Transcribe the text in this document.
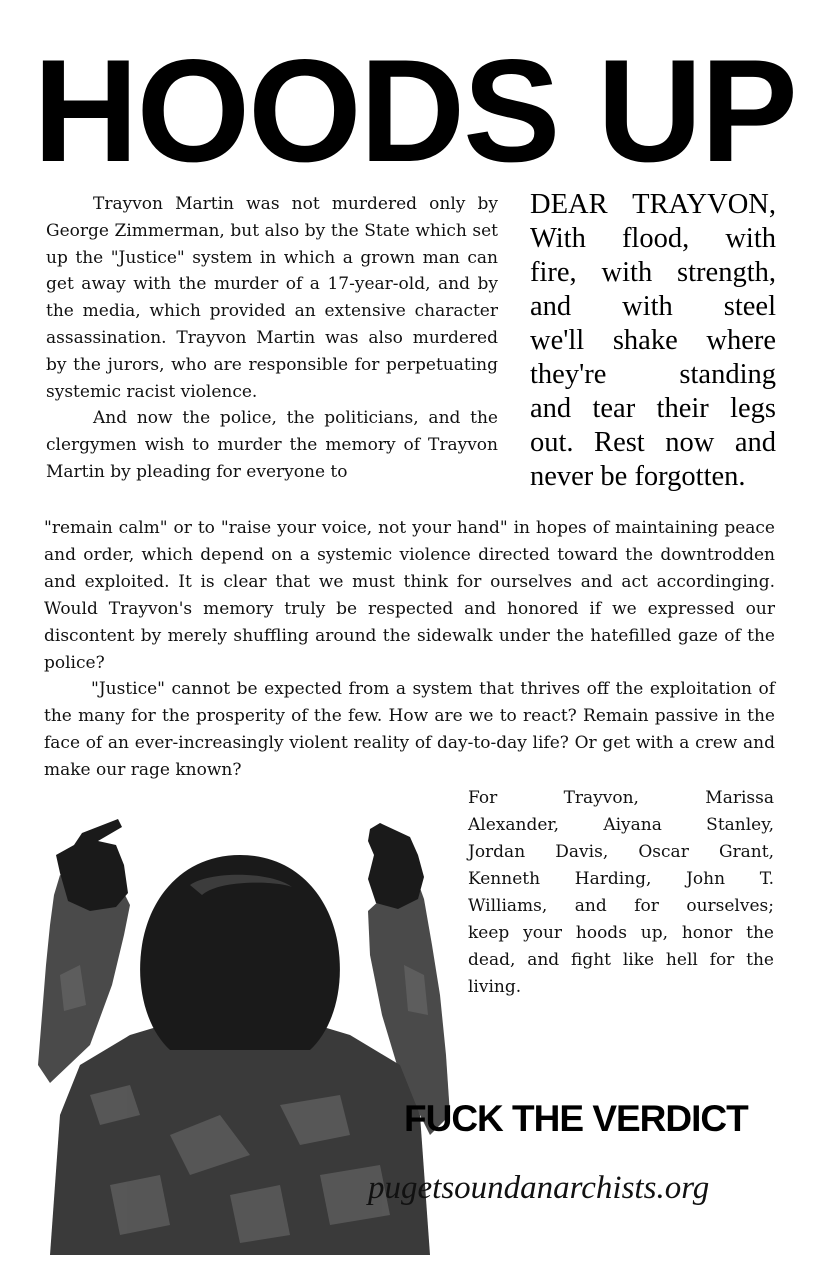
HOODS UP

Trayvon Martin was not murdered only by George Zimmerman, but also by the State which set up the "Justice" system in which a grown man can get away with the murder of a 17-year-old, and by the media, which provided an extensive character assassination. Trayvon Martin was also murdered by the jurors, who are responsible for perpetuating systemic racist violence.

And now the police, the politicians, and the clergymen wish to murder the memory of Trayvon Martin by pleading for everyone to

DEAR TRAYVON,
With flood, with
fire, with strength,
and with steel
we'll shake where
they're standing
and tear their legs
out. Rest now and
never be forgotten.

"remain calm" or to "raise your voice, not your hand" in hopes of maintaining peace and order, which depend on a systemic violence directed toward the downtrodden and exploited. It is clear that we must think for ourselves and act accordinging. Would Trayvon's memory truly be respected and honored if we expressed our discontent by merely shuffling around the sidewalk under the hatefilled gaze of the police?

"Justice" cannot be expected from a system that thrives off the exploitation of the many for the prosperity of the few. How are we to react? Remain passive in the face of an ever-increasingly violent reality of day-to-day life? Or get with a crew and make our rage known?

For Trayvon, Marissa
Alexander, Aiyana Stanley,
Jordan Davis, Oscar Grant,
Kenneth Harding, John T.
Williams, and for ourselves;
keep your hoods up, honor the
dead, and fight like hell for the
living.
FUCK THE VERDICT
pugetsoundanarchists.org
